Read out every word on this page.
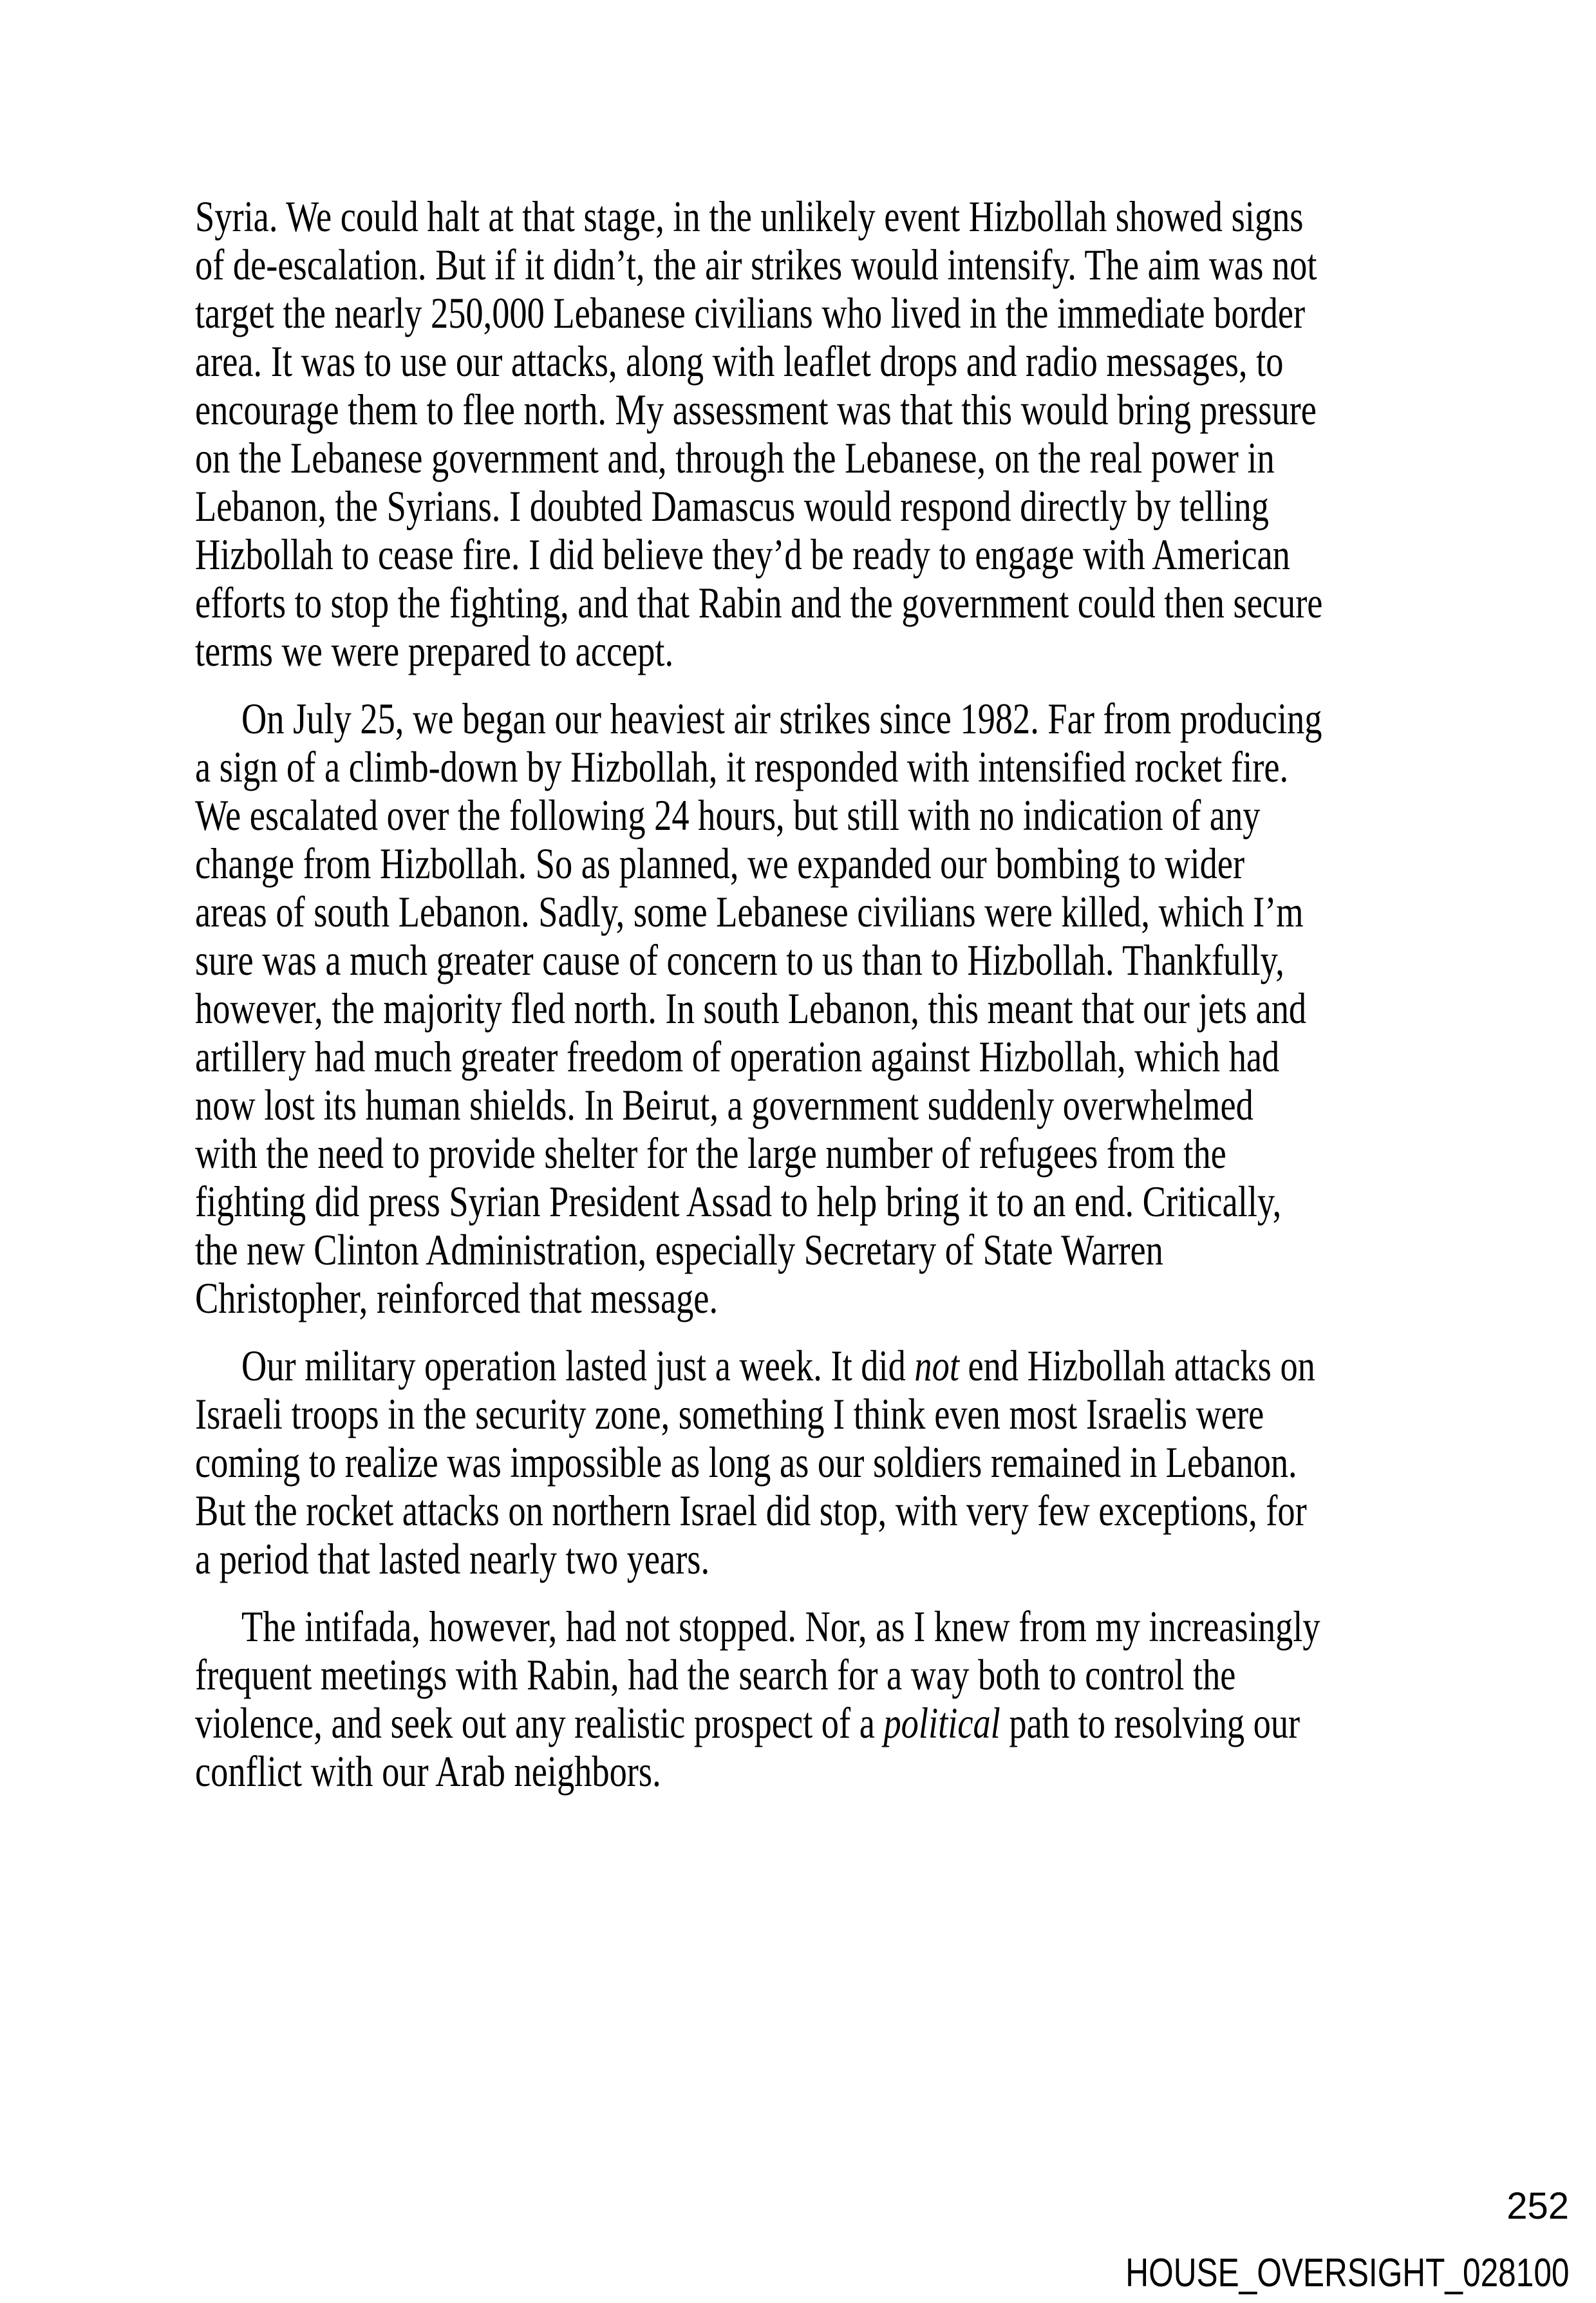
Syria. We could halt at that stage, in the unlikely event Hizbollah showed signs
of de-escalation. But if it didn’t, the air strikes would intensify. The aim was not
target the nearly 250,000 Lebanese civilians who lived in the immediate border
area. It was to use our attacks, along with leaflet drops and radio messages, to
encourage them to flee north. My assessment was that this would bring pressure
on the Lebanese government and, through the Lebanese, on the real power in
Lebanon, the Syrians. I doubted Damascus would respond directly by telling
Hizbollah to cease fire. I did believe they’d be ready to engage with American
efforts to stop the fighting, and that Rabin and the government could then secure
terms we were prepared to accept.
On July 25, we began our heaviest air strikes since 1982. Far from producing
a sign of a climb-down by Hizbollah, it responded with intensified rocket fire.
We escalated over the following 24 hours, but still with no indication of any
change from Hizbollah. So as planned, we expanded our bombing to wider
areas of south Lebanon. Sadly, some Lebanese civilians were killed, which I’m
sure was a much greater cause of concern to us than to Hizbollah. Thankfully,
however, the majority fled north. In south Lebanon, this meant that our jets and
artillery had much greater freedom of operation against Hizbollah, which had
now lost its human shields. In Beirut, a government suddenly overwhelmed
with the need to provide shelter for the large number of refugees from the
fighting did press Syrian President Assad to help bring it to an end. Critically,
the new Clinton Administration, especially Secretary of State Warren
Christopher, reinforced that message.
Our military operation lasted just a week. It did not end Hizbollah attacks on
Israeli troops in the security zone, something I think even most Israelis were
coming to realize was impossible as long as our soldiers remained in Lebanon.
But the rocket attacks on northern Israel did stop, with very few exceptions, for
a period that lasted nearly two years.
The intifada, however, had not stopped. Nor, as I knew from my increasingly
frequent meetings with Rabin, had the search for a way both to control the
violence, and seek out any realistic prospect of a political path to resolving our
conflict with our Arab neighbors.
252
HOUSE_OVERSIGHT_028100
